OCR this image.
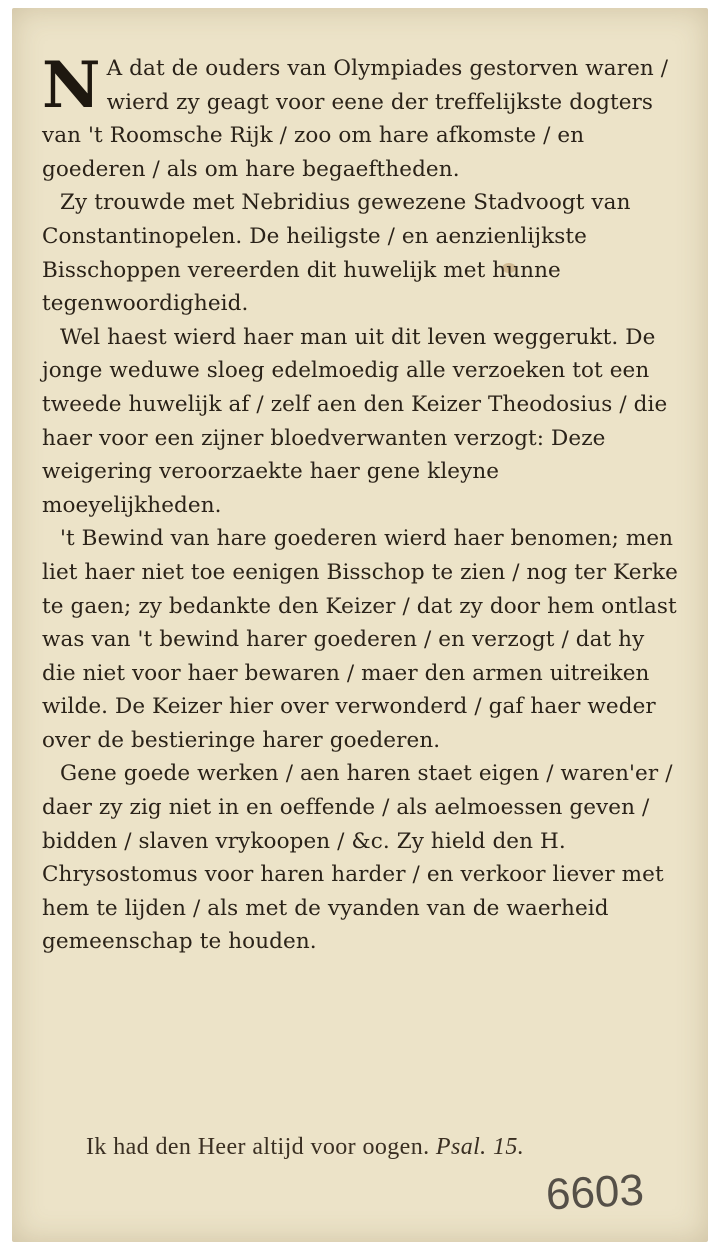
N A dat de ouders van Olympiades gestorven waren / wierd zy geagt voor eene der treffelijkste dogters van 't Roomsche Rijk / zoo om hare afkomste / en goederen / als om hare begaeftheden.

Zy trouwde met Nebridius gewezene Stadvoogt van Constantinopelen. De heiligste / en aenzienlijkste Bisschoppen vereerden dit huwelijk met hunne tegenwoordigheid.

Wel haest wierd haer man uit dit leven weggerukt. De jonge weduwe sloeg edelmoedig alle verzoeken tot een tweede huwelijk af / zelf aen den Keizer Theodosius / die haer voor een zijner bloedverwanten verzogt: Deze weigering veroorzaekte haer gene kleyne moeyelijkheden.

't Bewind van hare goederen wierd haer benomen; men liet haer niet toe eenigen Bisschop te zien / nog ter Kerke te gaen; zy bedankte den Keizer / dat zy door hem ontlast was van 't bewind harer goederen / en verzogt / dat hy die niet voor haer bewaren / maer den armen uitreiken wilde. De Keizer hier over verwonderd / gaf haer weder over de bestieringe harer goederen.

Gene goede werken / aen haren staet eigen / waren'er / daer zy zig niet in en oeffende / als aelmoessen geven / bidden / slaven vrykoopen / &c. Zy hield den H. Chrysostomus voor haren harder / en verkoor liever met hem te lijden / als met de vyanden van de waerheid gemeenschap te houden.

Ik had den Heer altijd voor oogen. Psal. 15.
6603
